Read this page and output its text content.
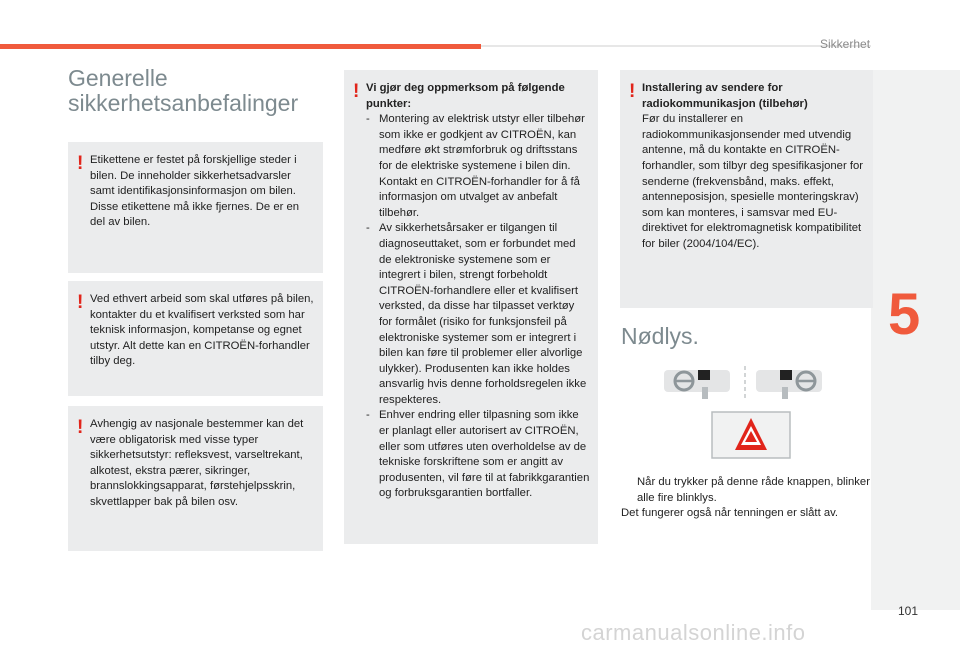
Sikkerhet
5
Generelle
sikkerhetsanbefalinger
! Etikettene er festet på forskjellige steder i bilen. De inneholder sikkerhetsadvarsler samt identifikasjonsinformasjon om bilen. Disse etikettene må ikke fjernes. De er en del av bilen.

! Ved ethvert arbeid som skal utføres på bilen, kontakter du et kvalifisert verksted som har teknisk informasjon, kompetanse og egnet utstyr. Alt dette kan en CITROËN-forhandler tilby deg.

! Avhengig av nasjonale bestemmer kan det være obligatorisk med visse typer sikkerhetsutstyr: refleksvest, varseltrekant, alkotest, ekstra pærer, sikringer, brannslokkingsapparat, førstehjelpsskrin, skvettlapper bak på bilen osv.

! Vi gjør deg oppmerksom på følgende punkter:

- Montering av elektrisk utstyr eller tilbehør som ikke er godkjent av CITROËN, kan medføre økt strømforbruk og driftsstans for de elektriske systemene i bilen din. Kontakt en CITROËN-forhandler for å få informasjon om utvalget av anbefalt tilbehør.
- Av sikkerhetsårsaker er tilgangen til diagnoseuttaket, som er forbundet med de elektroniske systemene som er integrert i bilen, strengt forbeholdt CITROËN-forhandlere eller et kvalifisert verksted, da disse har tilpasset verktøy for formålet (risiko for funksjonsfeil på elektroniske systemer som er integrert i bilen kan føre til problemer eller alvorlige ulykker). Produsenten kan ikke holdes ansvarlig hvis denne forholdsregelen ikke respekteres.
- Enhver endring eller tilpasning som ikke er planlagt eller autorisert av CITROËN, eller som utføres uten overholdelse av de tekniske forskriftene som er angitt av produsenten, vil føre til at fabrikkgarantien og forbruksgarantien bortfaller.
! Installering av sendere for radiokommunikasjon (tilbehør)

Før du installerer en radiokommunikasjonsender med utvendig antenne, må du kontakte en CITROËN-forhandler, som tilbyr deg spesifikasjoner for senderne (frekvensbånd, maks. effekt, antenneposisjon, spesielle monteringskrav) som kan monteres, i samsvar med EU-direktivet for elektromagnetisk kompatibilitet for biler (2004/104/EC).

Nødlys.
Når du trykker på denne råde knappen, blinker alle fire blinklys.
Det fungerer også når tenningen er slått av.
101
carmanualsonline.info
